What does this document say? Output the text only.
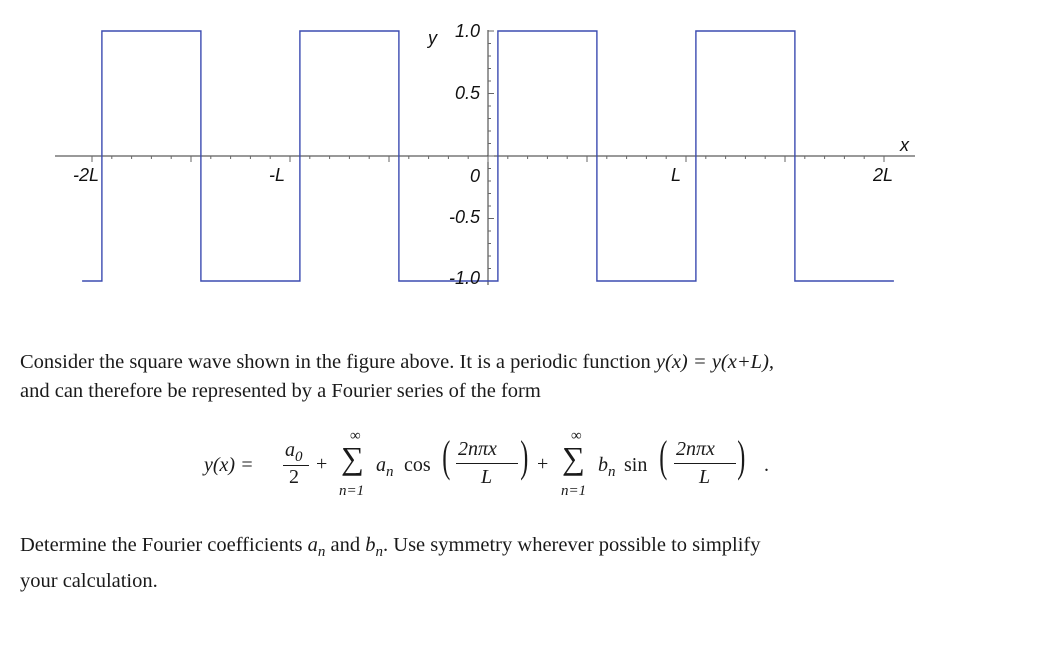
y
x
1.0
0.5
0
-0.5
-1.0
-2L	-L	L	2L

Consider the square wave shown in the figure above. It is a periodic function y(x) = y(x+L),
and can therefore be represented by a Fourier series of the form

y(x) =
$a_0$
2
+
∞
∑
n=1
$a_n$ cos ( 2nπx
L ) +
∞
∑
n=1
$b_n$ sin ( 2nπx
L ) .

Determine the Fourier coefficients $a_n$ and $b_n$. Use symmetry wherever possible to simplify
your calculation.
